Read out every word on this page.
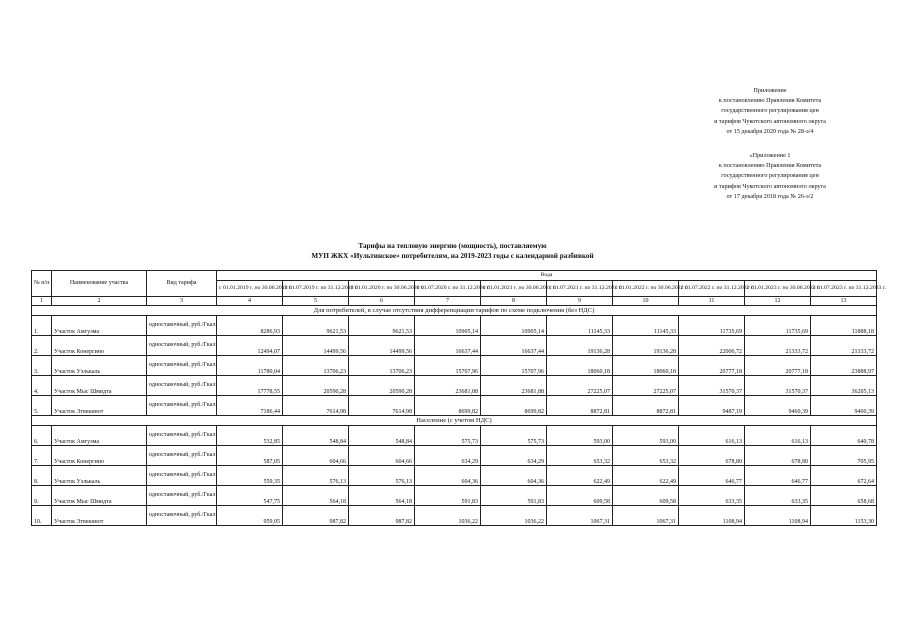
Приложение
к постановлению Правления Комитета
государственного регулирования цен
и тарифов Чукотского автономного округа
от 15 декабря 2020 года № 28-э/4
«Приложение 1
к постановлению Правления Комитета
государственного регулирования цен
и тарифов Чукотского автономного округа
от 17 декабря 2018 года № 26-э/2
Тарифы на тепловую энергию (мощность), поставляемую
МУП ЖКХ «Иультинское» потребителям, на 2019-2023 годы с календарной разбивкой
№ п/п	Наименование участка	Вид тарифа	Вода									
			с 01.01.2019 г. по 30.06.2019 г.	с 01.07.2019 г. по 31.12.2019 г.	с 01.01.2020 г. по 30.06.2020 г.	с 01.07.2020 г. по 31.12.2020 г.	с 01.01.2021 г. по 30.06.2021 г.	с 01.07.2021 г. по 31.12.2021 г.	с 01.01.2022 г. по 30.06.2022 г.	с 01.07.2022 г. по 31.12.2022 г.	с 01.01.2023 г. по 30.06.2023 г.	с 01.07.2023 г. по 31.12.2023 г.
1	2	3	4	5	6	7	8	9	10	11	12	13
Для потребителей, в случае отсутствия дифференциации тарифов по схеме подключения (без НДС)												
1.	Участок Амгуэма	одноставочный, руб./Гкал	8286,93	9621,53	9621,53	10905,14	10905,14	11145,33	11145,33	11735,69	11735,69	11888,18
2.	Участок Конергино	одноставочный, руб./Гкал	12494,07	14499,56	14499,56	16637,44	16637,44	19136,28	19136,28	22006,72	21333,72	21333,72
3.	Участок Уэлькаль	одноставочный, руб./Гкал	11780,04	13706,23	13706,23	15707,96	15707,96	18060,18	18060,18	20777,18	20777,18	23888,97
4.	Участок Мыс Шмидта	одноставочный, руб./Гкал	17778,55	20590,28	20590,28	23681,88	23681,88	27225,07	27225,07	31570,37	31570,37	36205,13
5.	Участок Эгвекинот	одноставочный, руб./Гкал	7186,44	7614,98	7614,98	8699,82	8699,82	8872,81	8872,81	9487,19	9460,39	9460,39
Население (с учетом НДС)												
6.	Участок Амгуэма	одноставочный, руб./Гкал	532,85	548,84	548,84	575,73	575,73	593,00	593,00	616,13	616,13	640,78
7.	Участок Конергино	одноставочный, руб./Гкал	587,05	604,66	604,66	634,29	634,29	653,32	653,32	678,80	678,80	705,95
8.	Участок Уэлькаль	одноставочный, руб./Гкал	559,35	576,13	576,13	604,36	604,36	622,49	622,49	646,77	646,77	672,64
9.	Участок Мыс Шмидта	одноставочный, руб./Гкал	547,75	564,18	564,18	591,83	591,83	609,58	609,58	633,35	633,35	658,68
10.	Участок Эгвекинот	одноставочный, руб./Гкал	959,05	987,82	987,82	1036,22	1036,22	1067,31	1067,31	1108,94	1108,94	1153,30
